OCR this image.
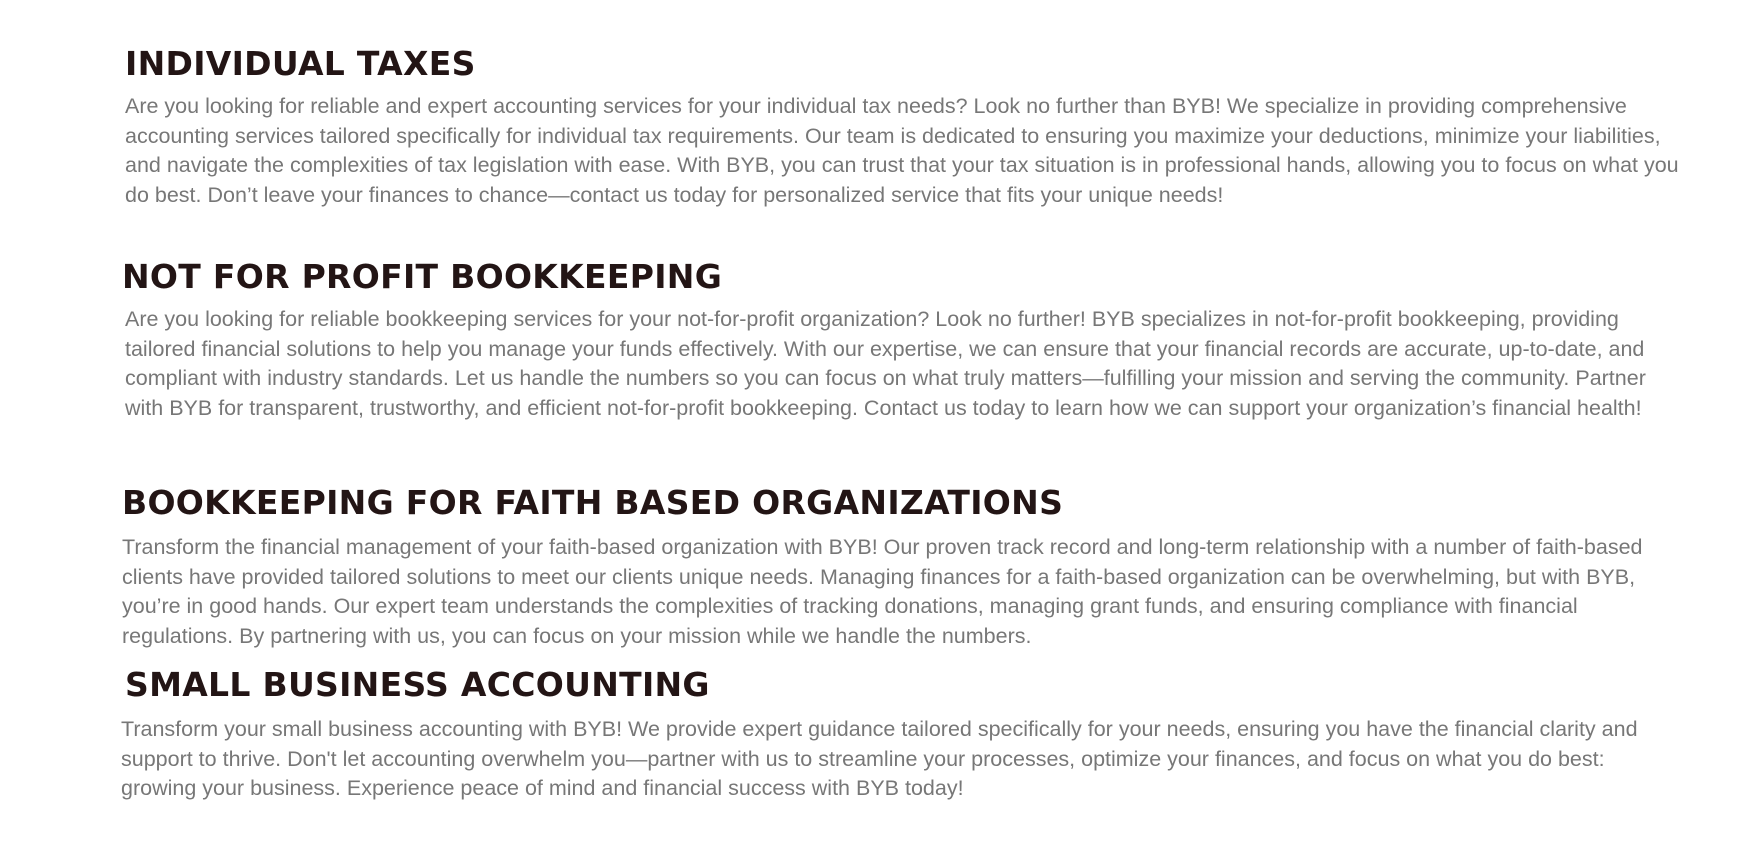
INDIVIDUAL TAXES

Are you looking for reliable and expert accounting services for your individual tax needs? Look no further than BYB! We specialize in providing comprehensive accounting services tailored specifically for individual tax requirements. Our team is dedicated to ensuring you maximize your deductions, minimize your liabilities, and navigate the complexities of tax legislation with ease. With BYB, you can trust that your tax situation is in professional hands, allowing you to focus on what you do best. Don’t leave your finances to chance—contact us today for personalized service that fits your unique needs!

NOT FOR PROFIT BOOKKEEPING

Are you looking for reliable bookkeeping services for your not-for-profit organization? Look no further! BYB specializes in not-for-profit bookkeeping, providing tailored financial solutions to help you manage your funds effectively. With our expertise, we can ensure that your financial records are accurate, up-to-date, and compliant with industry standards. Let us handle the numbers so you can focus on what truly matters—fulfilling your mission and serving the community. Partner with BYB for transparent, trustworthy, and efficient not-for-profit bookkeeping. Contact us today to learn how we can support your organization’s financial health!

BOOKKEEPING FOR FAITH BASED ORGANIZATIONS

Transform the financial management of your faith-based organization with BYB! Our proven track record and long-term relationship with a number of faith-based clients have provided tailored solutions to meet our clients unique needs. Managing finances for a faith-based organization can be overwhelming, but with BYB, you’re in good hands. Our expert team understands the complexities of tracking donations, managing grant funds, and ensuring compliance with financial regulations. By partnering with us, you can focus on your mission while we handle the numbers.

SMALL BUSINESS ACCOUNTING

Transform your small business accounting with BYB! We provide expert guidance tailored specifically for your needs, ensuring you have the financial clarity and support to thrive. Don't let accounting overwhelm you—partner with us to streamline your processes, optimize your finances, and focus on what you do best: growing your business. Experience peace of mind and financial success with BYB today!
